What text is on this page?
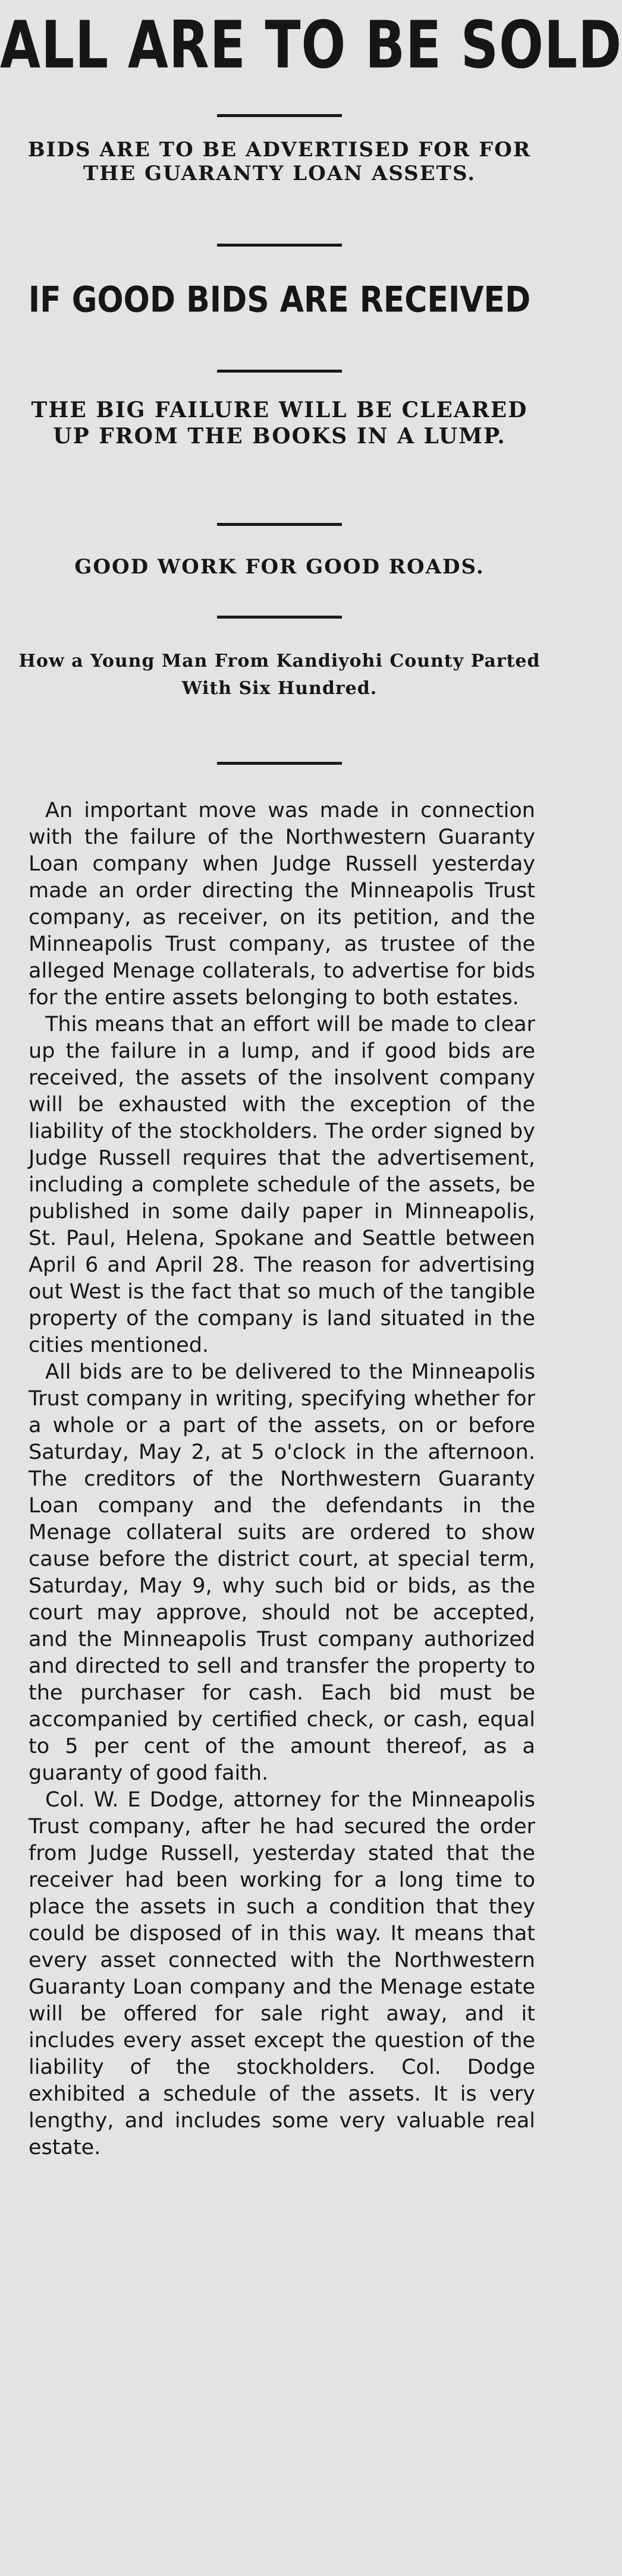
ALL ARE TO BE SOLD
BIDS ARE TO BE ADVERTISED FOR FOR THE GUARANTY LOAN ASSETS.
IF GOOD BIDS ARE RECEIVED
THE BIG FAILURE WILL BE CLEARED UP FROM THE BOOKS IN A LUMP.
GOOD WORK FOR GOOD ROADS.
How a Young Man From Kandiyohi County Parted With Six Hundred.

An important move was made in connection with the failure of the Northwestern Guaranty Loan company when Judge Russell yesterday made an order directing the Minneapolis Trust company, as receiver, on its petition, and the Minneapolis Trust company, as trustee of the alleged Menage collaterals, to advertise for bids for the entire assets belonging to both estates.

This means that an effort will be made to clear up the failure in a lump, and if good bids are received, the assets of the insolvent company will be exhausted with the exception of the liability of the stockholders. The order signed by Judge Russell requires that the advertisement, including a complete schedule of the assets, be published in some daily paper in Minneapolis, St. Paul, Helena, Spokane and Seattle between April 6 and April 28. The reason for advertising out West is the fact that so much of the tangible property of the company is land situated in the cities mentioned.

All bids are to be delivered to the Minneapolis Trust company in writing, specifying whether for a whole or a part of the assets, on or before Saturday, May 2, at 5 o'clock in the afternoon. The creditors of the Northwestern Guaranty Loan company and the defendants in the Menage collateral suits are ordered to show cause before the district court, at special term, Saturday, May 9, why such bid or bids, as the court may approve, should not be accepted, and the Minneapolis Trust company authorized and directed to sell and transfer the property to the purchaser for cash. Each bid must be accompanied by certified check, or cash, equal to 5 per cent of the amount thereof, as a guaranty of good faith.

Col. W. E Dodge, attorney for the Minneapolis Trust company, after he had secured the order from Judge Russell, yesterday stated that the receiver had been working for a long time to place the assets in such a condition that they could be disposed of in this way. It means that every asset connected with the Northwestern Guaranty Loan company and the Menage estate will be offered for sale right away, and it includes every asset except the question of the liability of the stockholders. Col. Dodge exhibited a schedule of the assets. It is very lengthy, and includes some very valuable real estate.
